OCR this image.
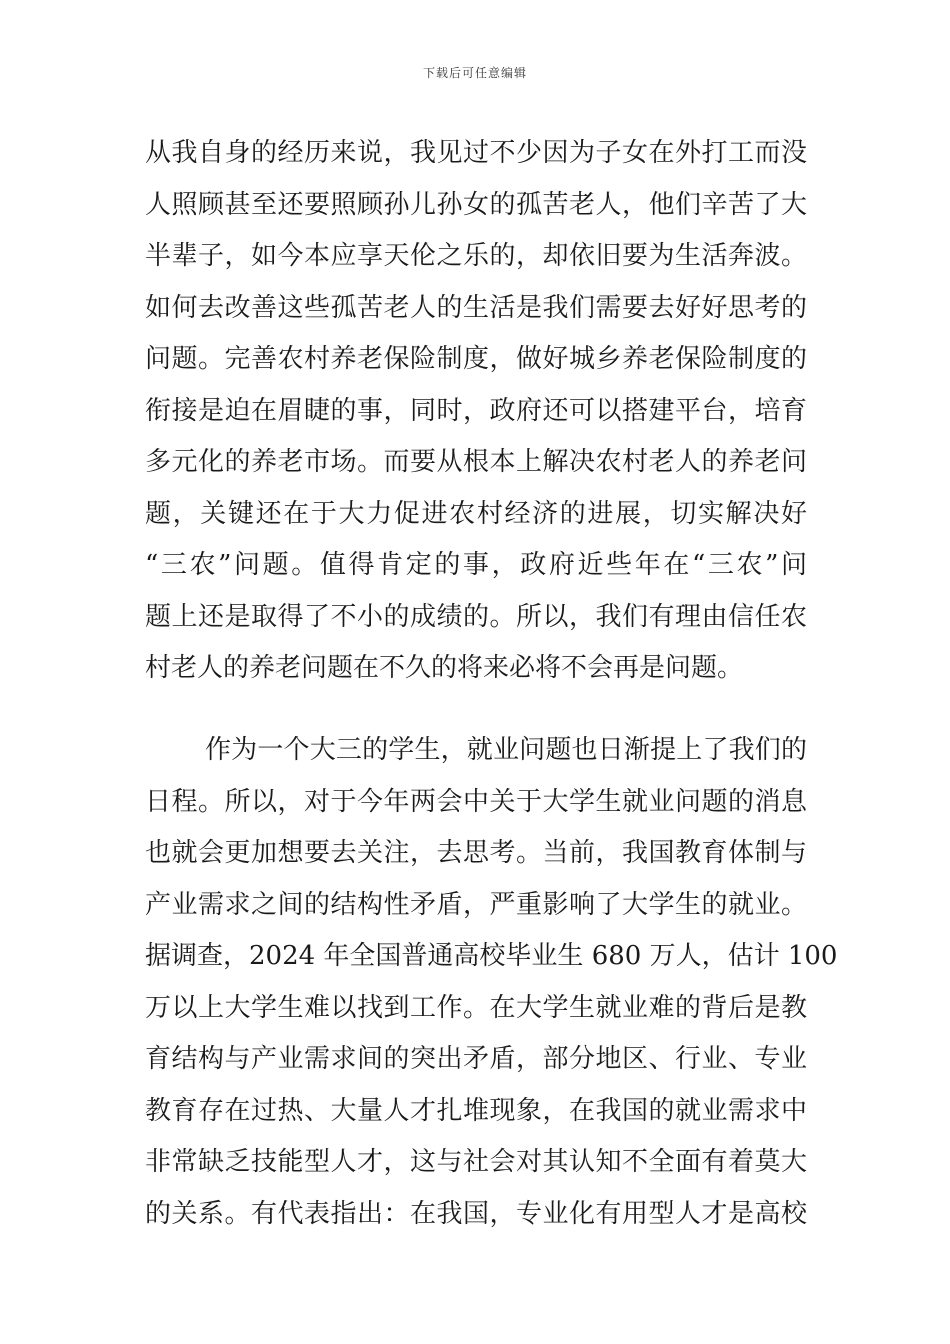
下载后可任意编辑
从我自身的经历来说，我见过不少因为子女在外打工而没
人照顾甚至还要照顾孙儿孙女的孤苦老人，他们辛苦了大
半辈子，如今本应享天伦之乐的，却依旧要为生活奔波。
如何去改善这些孤苦老人的生活是我们需要去好好思考的
问题。完善农村养老保险制度，做好城乡养老保险制度的
衔接是迫在眉睫的事，同时，政府还可以搭建平台，培育
多元化的养老市场。而要从根本上解决农村老人的养老问
题，关键还在于大力促进农村经济的进展，切实解决好
“三农”问题。值得肯定的事，政府近些年在“三农”问
题上还是取得了不小的成绩的。所以，我们有理由信任农
村老人的养老问题在不久的将来必将不会再是问题。
作为一个大三的学生，就业问题也日渐提上了我们的
日程。所以，对于今年两会中关于大学生就业问题的消息
也就会更加想要去关注，去思考。当前，我国教育体制与
产业需求之间的结构性矛盾，严重影响了大学生的就业。
据调查，2024 年全国普通高校毕业生 680 万人，估计 100
万以上大学生难以找到工作。在大学生就业难的背后是教
育结构与产业需求间的突出矛盾，部分地区、行业、专业
教育存在过热、大量人才扎堆现象，在我国的就业需求中
非常缺乏技能型人才，这与社会对其认知不全面有着莫大
的关系。有代表指出：在我国，专业化有用型人才是高校
